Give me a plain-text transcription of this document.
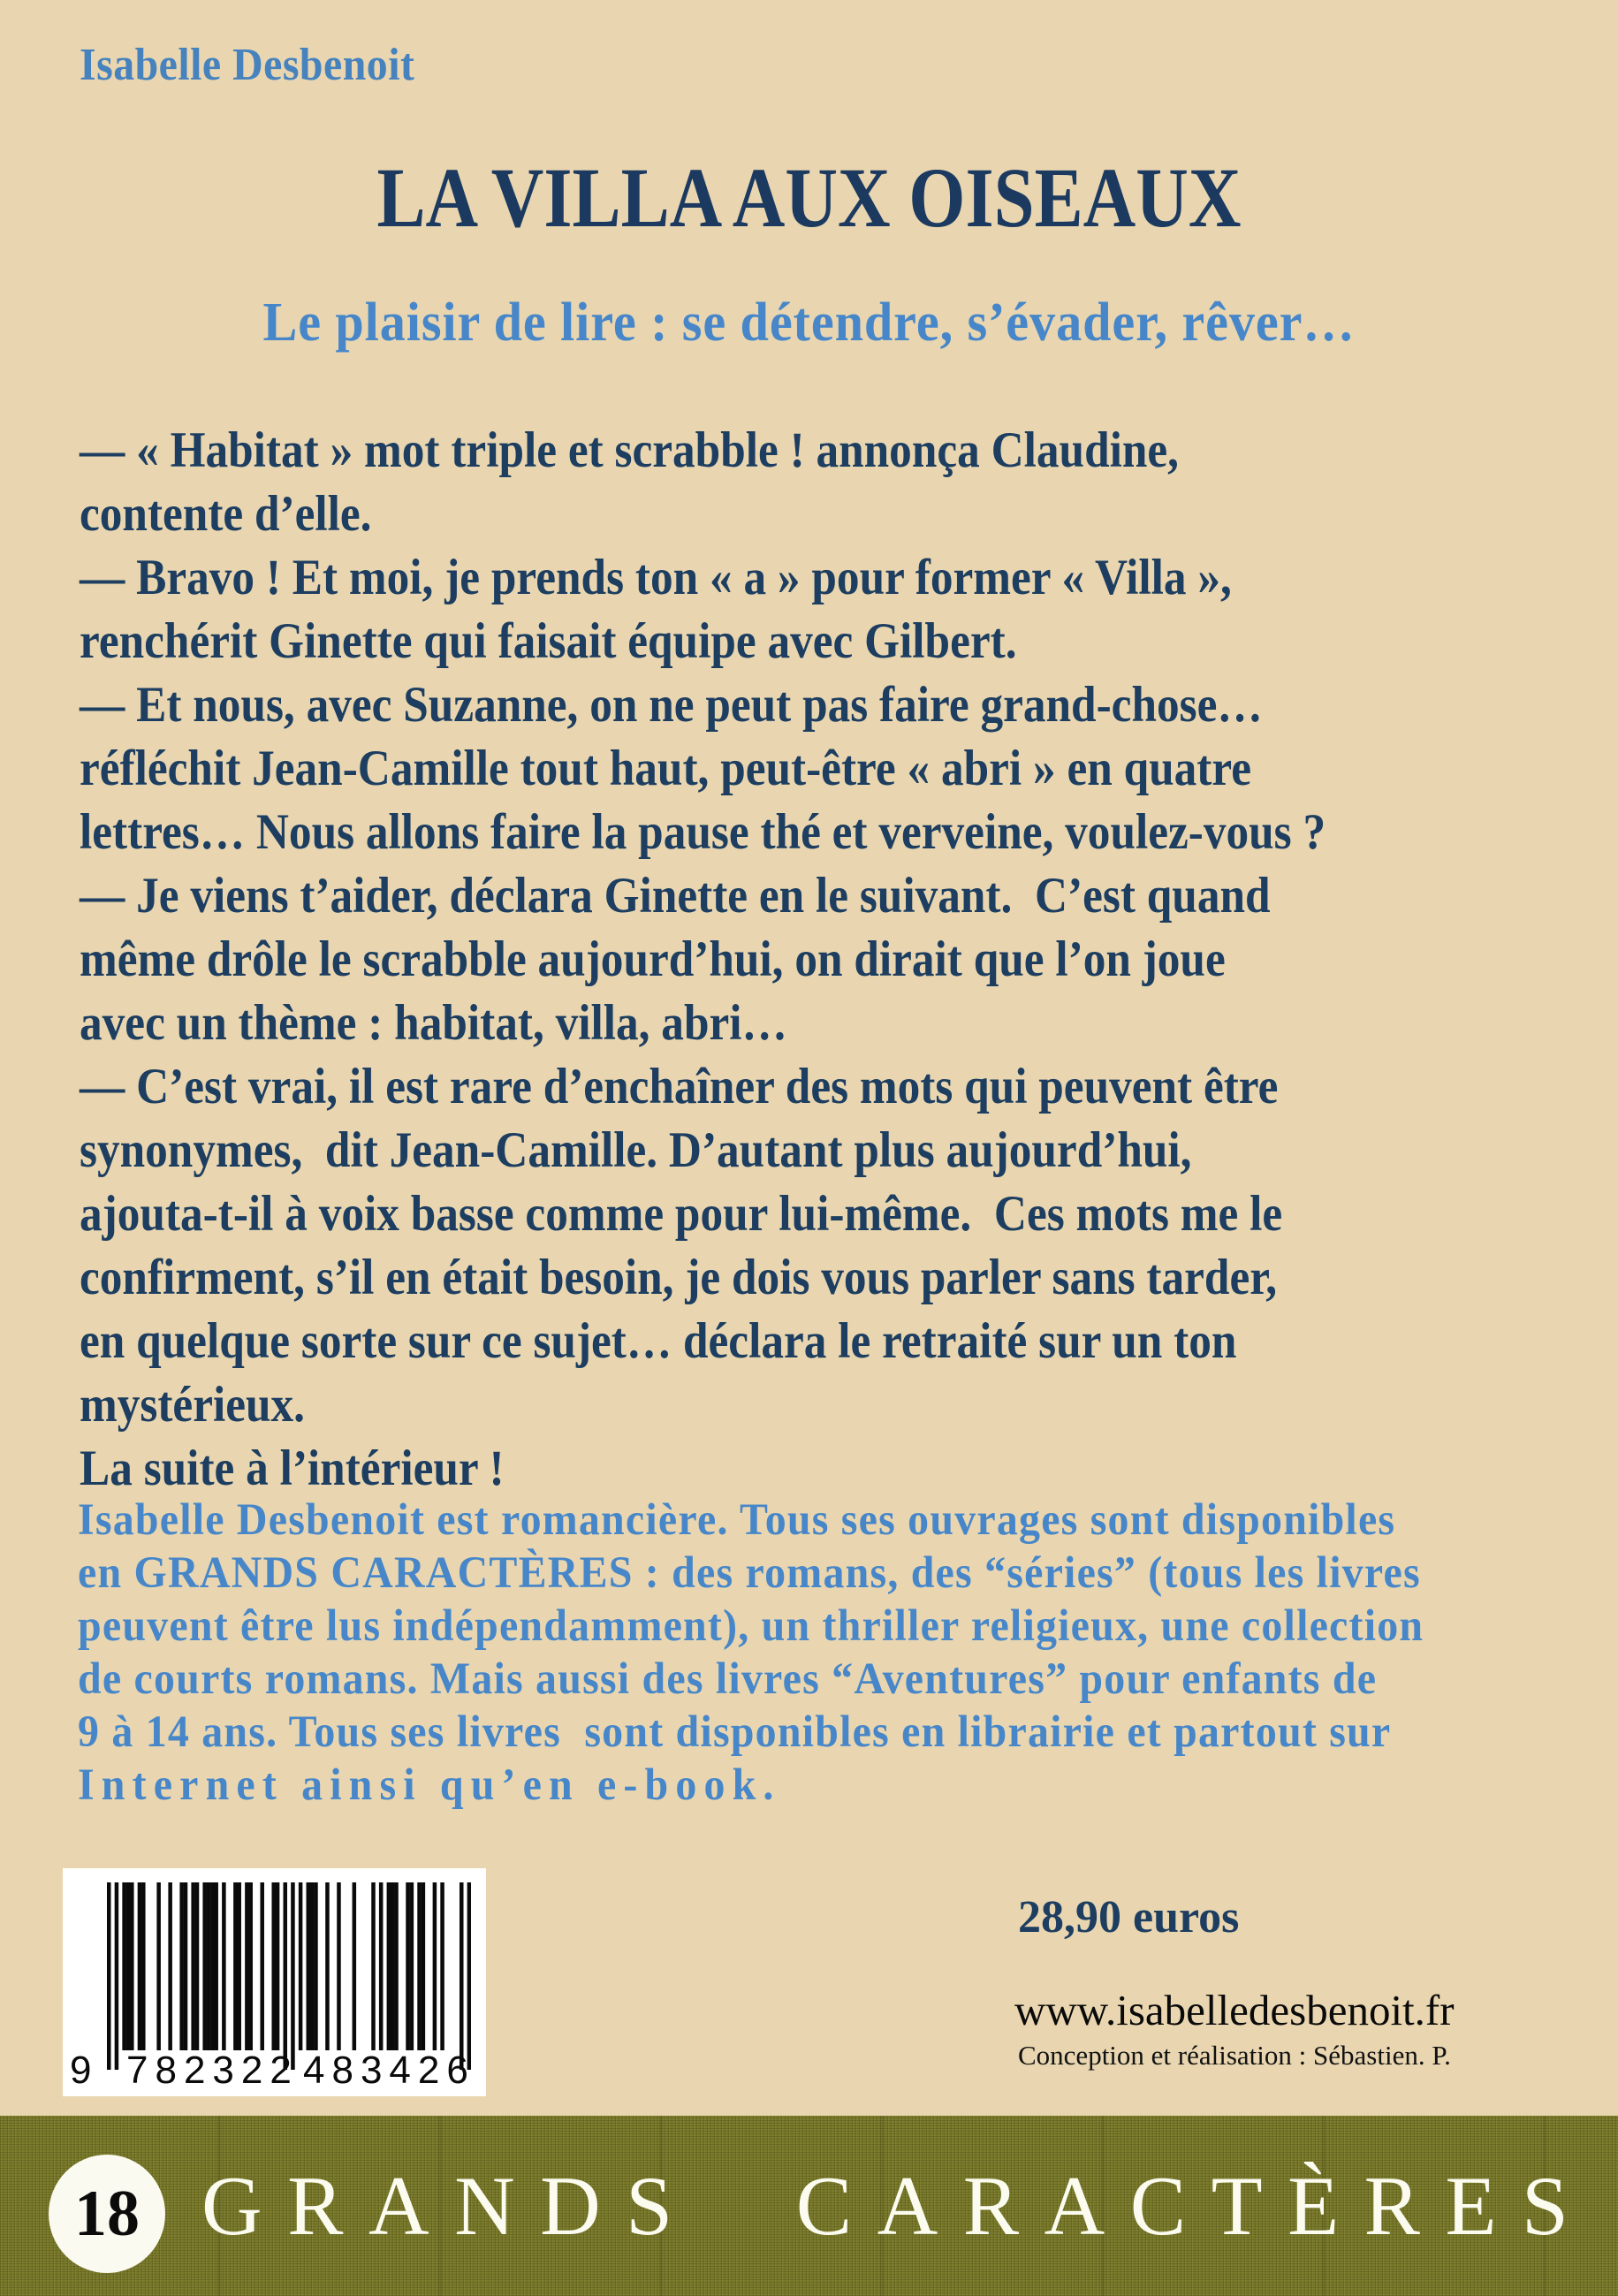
Isabelle Desbenoit
LA VILLA AUX OISEAUX
Le plaisir de lire : se détendre, s’évader, rêver…
— « Habitat » mot triple et scrabble ! annonça Claudine,
contente d’elle.
— Bravo ! Et moi, je prends ton « a » pour former « Villa »,
renchérit Ginette qui faisait équipe avec Gilbert.
— Et nous, avec Suzanne, on ne peut pas faire grand-chose…
réfléchit Jean-Camille tout haut, peut-être « abri » en quatre
lettres… Nous allons faire la pause thé et verveine, voulez-vous ?
— Je viens t’aider, déclara Ginette en le suivant.  C’est quand
même drôle le scrabble aujourd’hui, on dirait que l’on joue
avec un thème : habitat, villa, abri…
— C’est vrai, il est rare d’enchaîner des mots qui peuvent être
synonymes,  dit Jean-Camille. D’autant plus aujourd’hui,
ajouta-t-il à voix basse comme pour lui-même.  Ces mots me le
confirment, s’il en était besoin, je dois vous parler sans tarder,
en quelque sorte sur ce sujet… déclara le retraité sur un ton
mystérieux.
La suite à l’intérieur !
Isabelle Desbenoit est romancière. Tous ses ouvrages sont disponibles
en GRANDS CARACTÈRES : des romans, des “séries” (tous les livres
peuvent être lus indépendamment), un thriller religieux, une collection
de courts romans. Mais aussi des livres “Aventures” pour enfants de
9 à 14 ans. Tous ses livres  sont disponibles en librairie et partout sur
Internet ainsi qu’en e-book.
9 782322 483426
28,90 euros
www.isabelledesbenoit.fr
Conception et réalisation : Sébastien. P.
18 GRANDS CARACTÈRES
